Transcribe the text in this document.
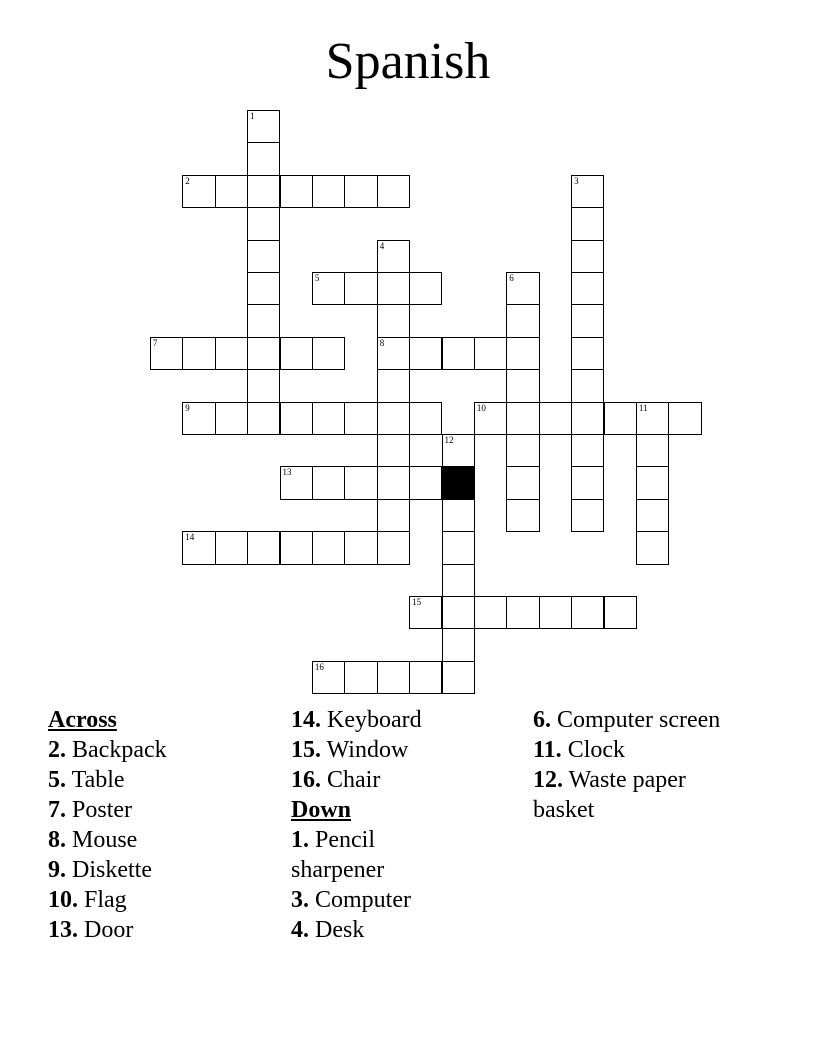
Spanish
2
5
7	8
9	10	11
13
14
15
16
1
3
4
6
12
Across
2. Backpack
5. Table
7. Poster
8. Mouse
9. Diskette
10. Flag
13. Door
14. Keyboard
15. Window
16. Chair
Down
1. Pencil sharpener
3. Computer
4. Desk
6. Computer screen
11. Clock
12. Waste paper basket
